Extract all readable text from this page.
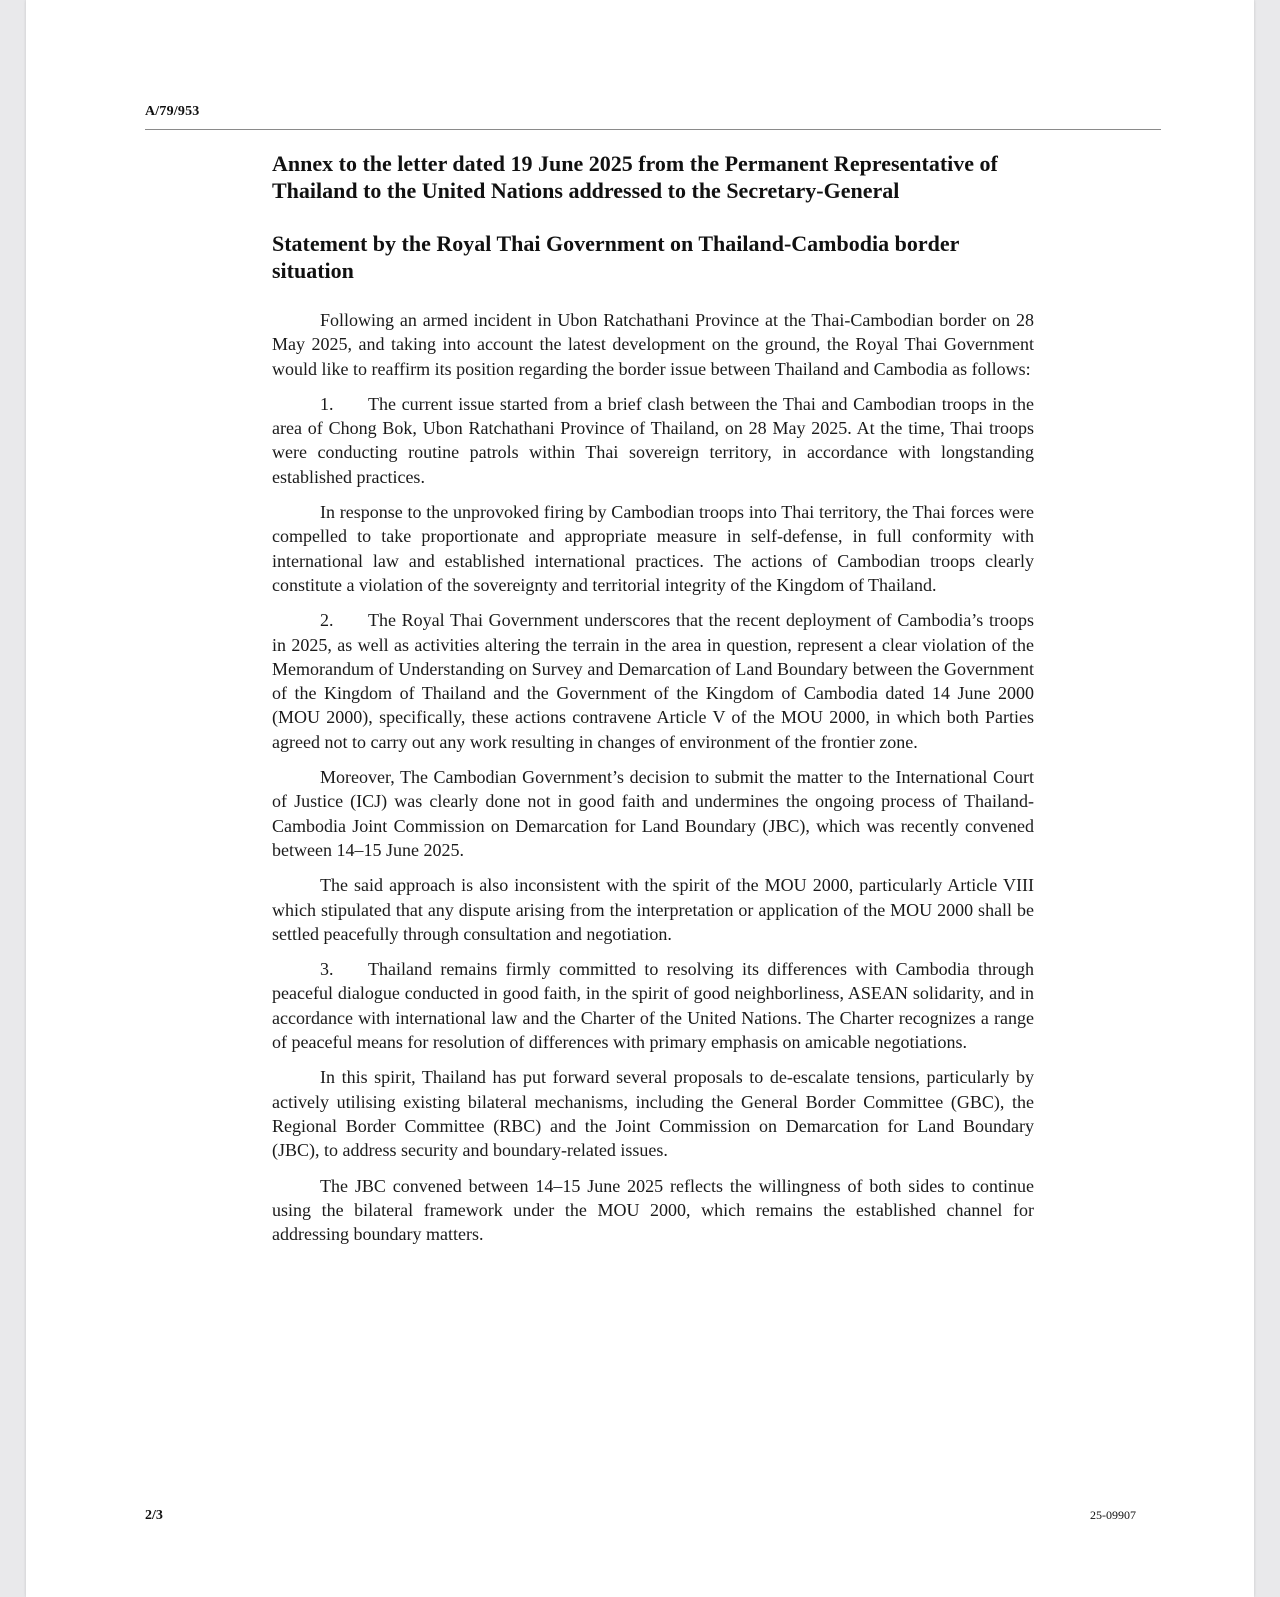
A/79/953
Annex to the letter dated 19 June 2025 from the Permanent Representative of Thailand to the United Nations addressed to the Secretary-General
Statement by the Royal Thai Government on Thailand-Cambodia border situation

Following an armed incident in Ubon Ratchathani Province at the Thai-Cambodian border on 28 May 2025, and taking into account the latest development on the ground, the Royal Thai Government would like to reaffirm its position regarding the border issue between Thailand and Cambodia as follows:

1. The current issue started from a brief clash between the Thai and Cambodian troops in the area of Chong Bok, Ubon Ratchathani Province of Thailand, on 28 May 2025. At the time, Thai troops were conducting routine patrols within Thai sovereign territory, in accordance with longstanding established practices.

In response to the unprovoked firing by Cambodian troops into Thai territory, the Thai forces were compelled to take proportionate and appropriate measure in self-defense, in full conformity with international law and established international practices. The actions of Cambodian troops clearly constitute a violation of the sovereignty and territorial integrity of the Kingdom of Thailand.

2. The Royal Thai Government underscores that the recent deployment of Cambodia’s troops in 2025, as well as activities altering the terrain in the area in question, represent a clear violation of the Memorandum of Understanding on Survey and Demarcation of Land Boundary between the Government of the Kingdom of Thailand and the Government of the Kingdom of Cambodia dated 14 June 2000 (MOU 2000), specifically, these actions contravene Article V of the MOU 2000, in which both Parties agreed not to carry out any work resulting in changes of environment of the frontier zone.

Moreover, The Cambodian Government’s decision to submit the matter to the International Court of Justice (ICJ) was clearly done not in good faith and undermines the ongoing process of Thailand-Cambodia Joint Commission on Demarcation for Land Boundary (JBC), which was recently convened between 14–15 June 2025.

The said approach is also inconsistent with the spirit of the MOU 2000, particularly Article VIII which stipulated that any dispute arising from the interpretation or application of the MOU 2000 shall be settled peacefully through consultation and negotiation.

3. Thailand remains firmly committed to resolving its differences with Cambodia through peaceful dialogue conducted in good faith, in the spirit of good neighborliness, ASEAN solidarity, and in accordance with international law and the Charter of the United Nations. The Charter recognizes a range of peaceful means for resolution of differences with primary emphasis on amicable negotiations.

In this spirit, Thailand has put forward several proposals to de-escalate tensions, particularly by actively utilising existing bilateral mechanisms, including the General Border Committee (GBC), the Regional Border Committee (RBC) and the Joint Commission on Demarcation for Land Boundary (JBC), to address security and boundary-related issues.

The JBC convened between 14–15 June 2025 reflects the willingness of both sides to continue using the bilateral framework under the MOU 2000, which remains the established channel for addressing boundary matters.

2/3	25-09907
